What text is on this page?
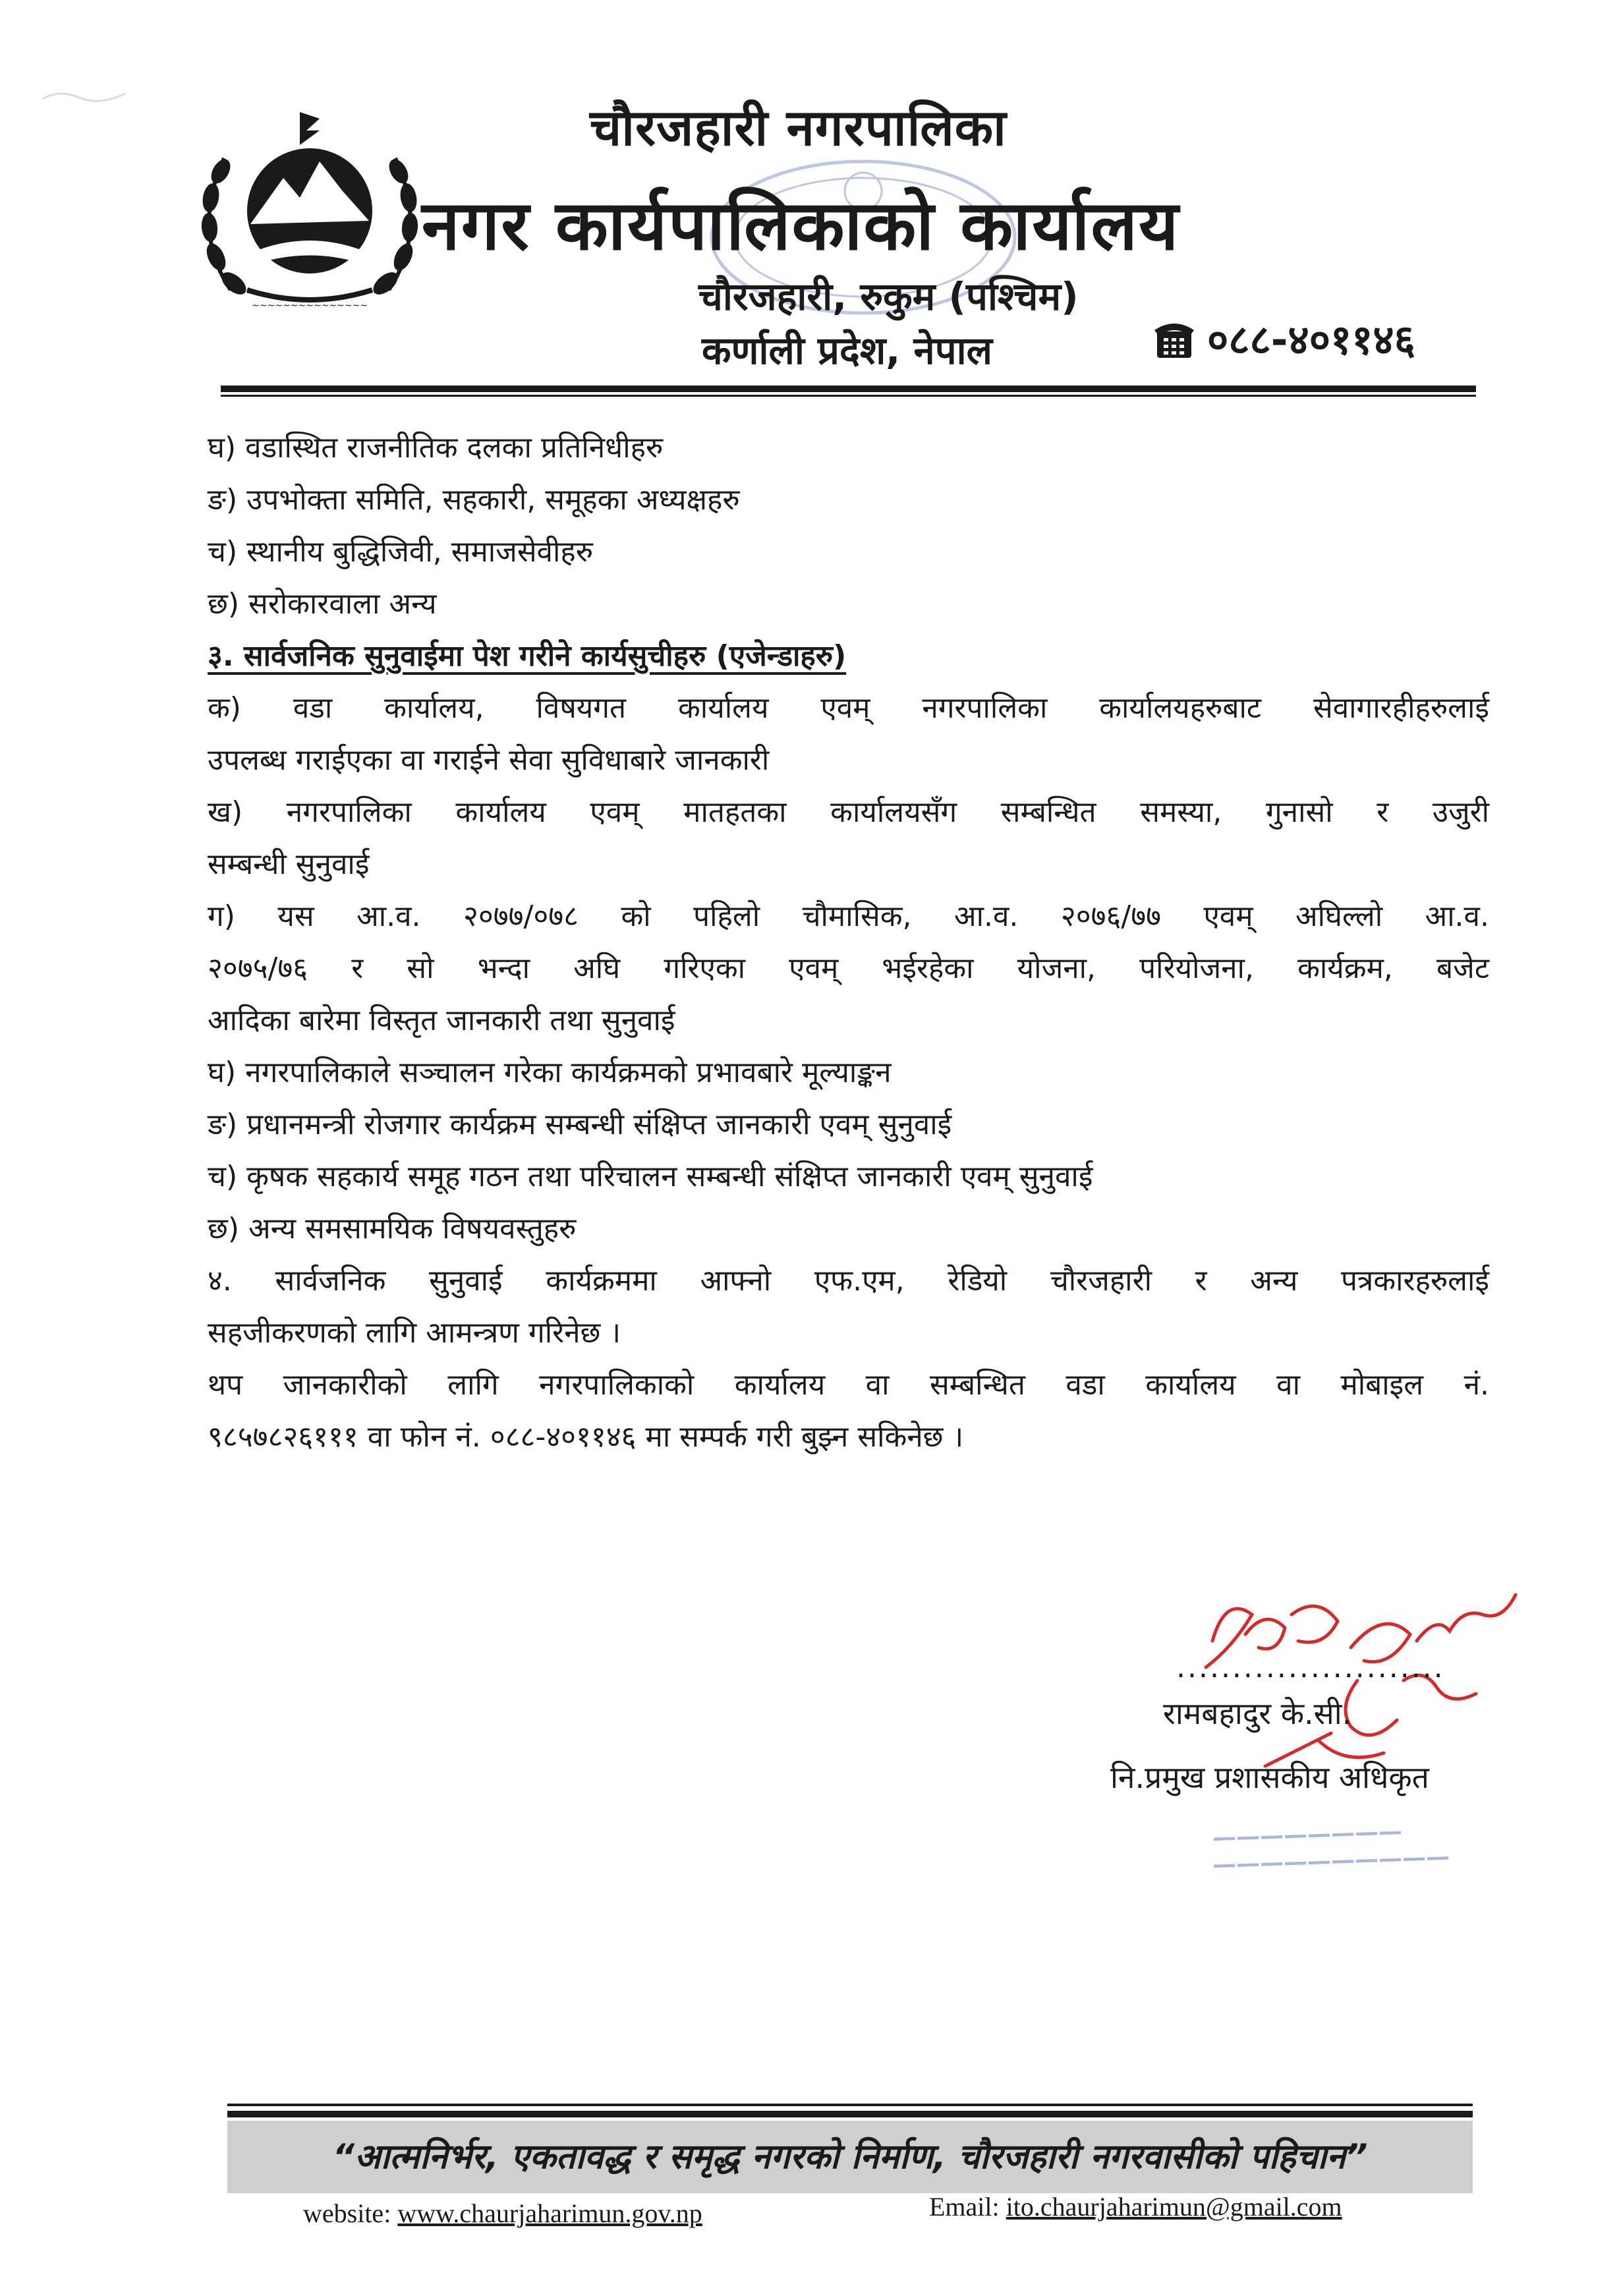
~~~~~~~~~~~~~~~
चौरजहारी नगरपालिका
नगर कार्यपालिकाको कार्यालय
चौरजहारी, रुकुम (पश्चिम)
कर्णाली प्रदेश, नेपाल	०८८-४०११४६
घ) वडास्थित राजनीतिक दलका प्रतिनिधीहरु
ङ) उपभोक्ता समिति, सहकारी, समूहका अध्यक्षहरु
च) स्थानीय बुद्धिजिवी, समाजसेवीहरु
छ) सरोकारवाला अन्य
३. सार्वजनिक सुनुवाईमा पेश गरीने कार्यसुचीहरु (एजेन्डाहरु)
क) वडा कार्यालय, विषयगत कार्यालय एवम् नगरपालिका कार्यालयहरुबाट सेवागारहीहरुलाई
उपलब्ध गराईएका वा गराईने सेवा सुविधाबारे जानकारी
ख) नगरपालिका कार्यालय एवम् मातहतका कार्यालयसँग सम्बन्धित समस्या, गुनासो र उजुरी
सम्बन्धी सुनुवाई
ग) यस आ.व. २०७७/०७८ को पहिलो चौमासिक, आ.व. २०७६/७७ एवम् अघिल्लो आ.व.
२०७५/७६ र सो भन्दा अघि गरिएका एवम् भईरहेका योजना, परियोजना, कार्यक्रम, बजेट
आदिका बारेमा विस्तृत जानकारी तथा सुनुवाई
घ) नगरपालिकाले सञ्चालन गरेका कार्यक्रमको प्रभावबारे मूल्याङ्कन
ङ) प्रधानमन्त्री रोजगार कार्यक्रम सम्बन्धी संक्षिप्त जानकारी एवम् सुनुवाई
च) कृषक सहकार्य समूह गठन तथा परिचालन सम्बन्धी संक्षिप्त जानकारी एवम् सुनुवाई
छ) अन्य समसामयिक विषयवस्तुहरु
४. सार्वजनिक सुनुवाई कार्यक्रममा आफ्नो एफ.एम, रेडियो चौरजहारी र अन्य पत्रकारहरुलाई
सहजीकरणको लागि आमन्त्रण गरिनेछ ।
थप जानकारीको लागि नगरपालिकाको कार्यालय वा सम्बन्धित वडा कार्यालय वा मोबाइल नं.
९८५७८२६१११ वा फोन नं. ०८८-४०११४६ मा सम्पर्क गरी बुझ्न सकिनेछ ।
........................
रामबहादुर के.सी.
नि.प्रमुख प्रशासकीय अधिकृत
————————
——————————
“आत्मनिर्भर, एकतावद्ध र समृद्ध नगरको निर्माण, चौरजहारी नगरवासीको पहिचान”
website: www.chaurjaharimun.gov.np	Email: ito.chaurjaharimun@gmail.com
